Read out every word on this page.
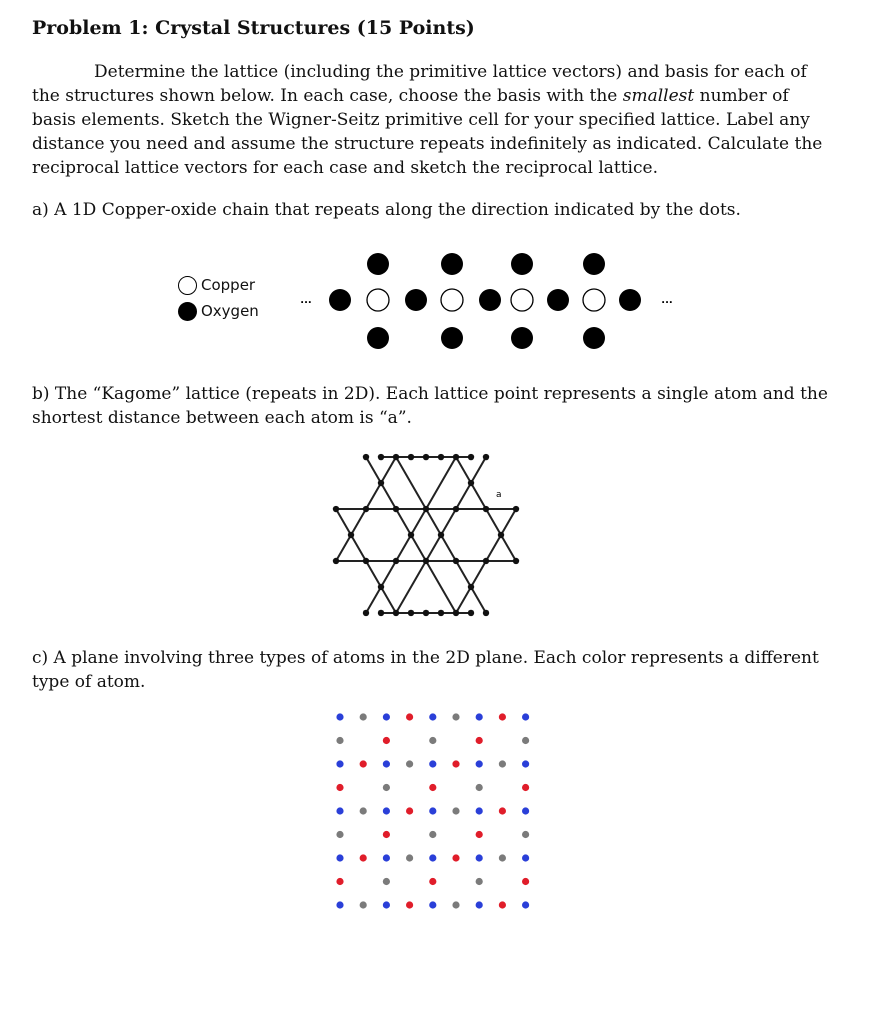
Problem 1: Crystal Structures (15 Points)
Determine the lattice (including the primitive lattice vectors) and basis for each of
the structures shown below. In each case, choose the basis with the smallest number of
basis elements. Sketch the Wigner-Seitz primitive cell for your specified lattice. Label any
distance you need and assume the structure repeats indefinitely as indicated. Calculate the
reciprocal lattice vectors for each case and sketch the reciprocal lattice.
a) A 1D Copper-oxide chain that repeats along the direction indicated by the dots.
Copper
Oxygen
...	...
b) The “Kagome” lattice (repeats in 2D). Each lattice point represents a single atom and the
shortest distance between each atom is “a”.
a
c) A plane involving three types of atoms in the 2D plane. Each color represents a different
type of atom.
